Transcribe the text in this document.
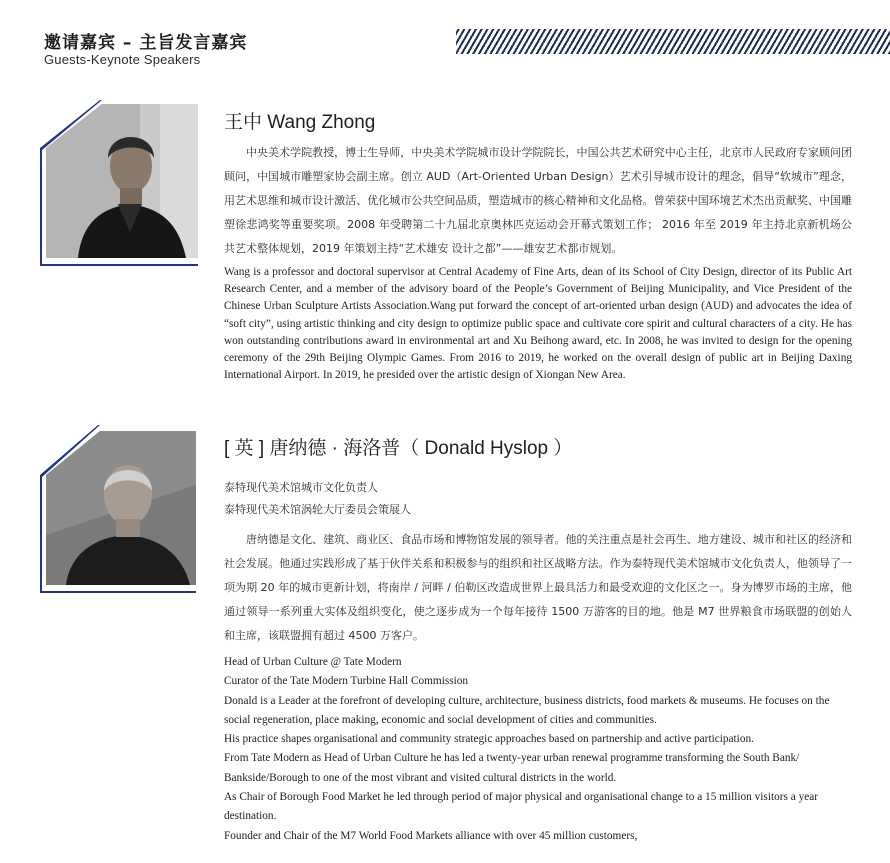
邀请嘉宾 – 主旨发言嘉宾
Guests-Keynote Speakers
王中 Wang Zhong
中央美术学院教授，博士生导师，中央美术学院城市设计学院院长，中国公共艺术研究中心主任，北京市人民政府专家顾问团顾问，中国城市雕塑家协会副主席。创立 AUD（Art-Oriented Urban Design）艺术引导城市设计的理念，倡导“软城市”理念，用艺术思维和城市设计激活、优化城市公共空间品质，塑造城市的核心精神和文化品格。曾荣获中国环境艺术杰出贡献奖、中国雕塑徐悲鸿奖等重要奖项。2008 年受聘第二十九届北京奥林匹克运动会开幕式策划工作； 2016 年至 2019 年主持北京新机场公共艺术整体规划，2019 年策划主持“艺术雄安 设计之都”——雄安艺术都市规划。
Wang is a professor and doctoral supervisor at Central Academy of Fine Arts, dean of its School of City Design, director of its Public Art Research Center, and a member of the advisory board of the People’s Government of Beijing Municipality, and Vice President of the Chinese Urban Sculpture Artists Association.Wang put forward the concept of art-oriented urban design (AUD) and advocates the idea of “soft city”, using artistic thinking and city design to optimize public space and cultivate core spirit and cultural characters of a city. He has won outstanding contributions award in environmental art and Xu Beihong award, etc. In 2008, he was invited to design for the opening ceremony of the 29th Beijing Olympic Games. From 2016 to 2019, he worked on the overall design of public art in Beijing Daxing International Airport. In 2019, he presided over the artistic design of Xiongan New Area.
[ 英 ] 唐纳德 · 海洛普（ Donald Hyslop ）
泰特现代美术馆城市文化负责人
泰特现代美术馆涡轮大厅委员会策展人
唐纳德是文化、建筑、商业区、食品市场和博物馆发展的领导者。他的关注重点是社会再生、地方建设、城市和社区的经济和社会发展。他通过实践形成了基于伙伴关系和积极参与的组织和社区战略方法。作为泰特现代美术馆城市文化负责人，他领导了一项为期 20 年的城市更新计划，将南岸 / 河畔 / 伯勒区改造成世界上最具活力和最受欢迎的文化区之一。身为博罗市场的主席，他通过领导一系列重大实体及组织变化，使之逐步成为一个每年接待 1500 万游客的目的地。他是 M7 世界粮食市场联盟的创始人和主席，该联盟拥有超过 4500 万客户。
Head of Urban Culture @ Tate Modern
Curator of the Tate Modern Turbine Hall Commission
Donald is a Leader at the forefront of developing culture, architecture, business districts, food markets & museums. He focuses on the social regeneration, place making, economic and social development of cities and communities.
His practice shapes organisational and community strategic approaches based on partnership and active participation.
From Tate Modern as Head of Urban Culture he has led a twenty-year urban renewal programme transforming the South Bank/ Bankside/Borough to one of the most vibrant and visited cultural districts in the world.
As Chair of Borough Food Market he led through period of major physical and organisational change to a 15 million visitors a year destination.
Founder and Chair of the M7 World Food Markets alliance with over 45 million customers,
